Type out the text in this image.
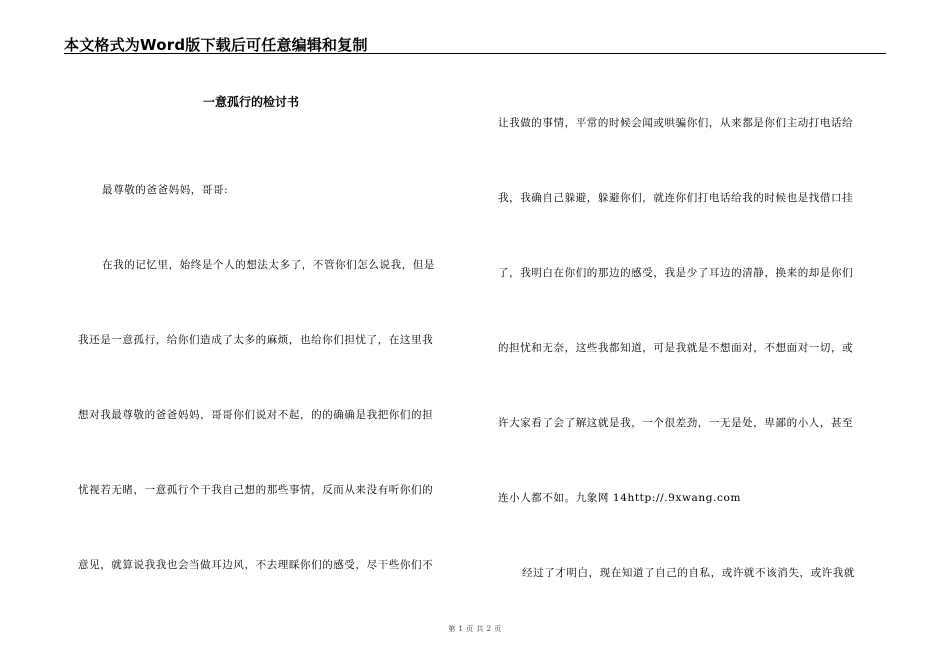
本文格式为Word版下载后可任意编辑和复制
一意孤行的检讨书
最尊敬的爸爸妈妈，哥哥:
在我的记忆里，始终是个人的想法太多了，不管你们怎么说我，但是
我还是一意孤行，给你们造成了太多的麻烦，也给你们担忧了，在这里我
想对我最尊敬的爸爸妈妈，哥哥你们说对不起，的的确确是我把你们的担
忧视若无睹，一意孤行个干我自己想的那些事情，反而从来没有听你们的
意见，就算说我我也会当做耳边风，不去理睬你们的感受，尽干些你们不
让我做的事情，平常的时候会闻或哄骗你们，从来都是你们主动打电话给
我，我确自己躲避，躲避你们，就连你们打电话给我的时候也是找借口挂
了，我明白在你们的那边的感受，我是少了耳边的清静，换来的却是你们
的担忧和无奈，这些我都知道，可是我就是不想面对，不想面对一切，或
许大家看了会了解这就是我，一个很差劲，一无是处，卑鄙的小人，甚至
连小人都不如。九象网 14http://.9xwang.com
经过了才明白，现在知道了自己的自私，或许就不该消失，或许我就
第 1 页 共 2 页
